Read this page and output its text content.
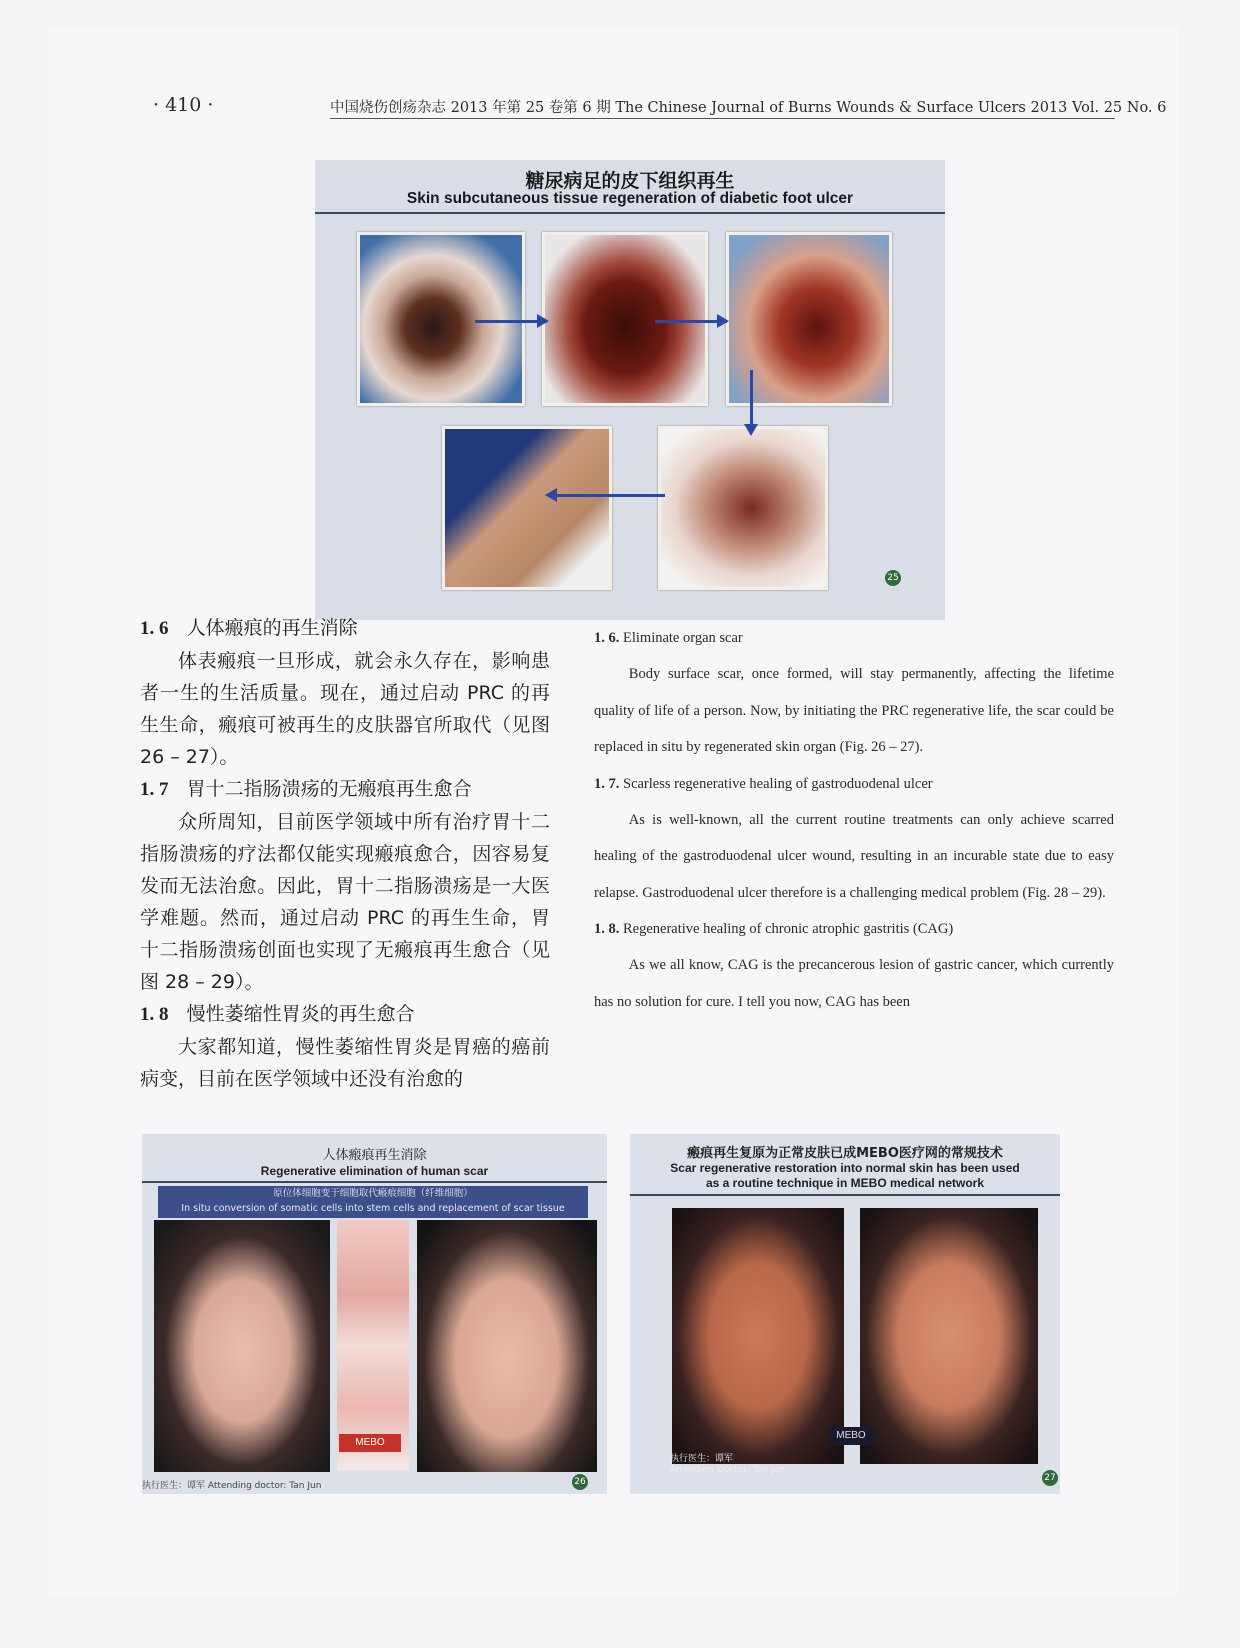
· 410 ·	中国烧伤创疡杂志 2013 年第 25 卷第 6 期 The Chinese Journal of Burns Wounds & Surface Ulcers 2013 Vol. 25 No. 6
糖尿病足的皮下组织再生
Skin subcutaneous tissue regeneration of diabetic foot ulcer
25
1. 6 人体瘢痕的再生消除

体表瘢痕一旦形成，就会永久存在，影响患者一生的生活质量。现在，通过启动 PRC 的再生生命，瘢痕可被再生的皮肤器官所取代（见图 26 – 27）。

1. 7 胃十二指肠溃疡的无瘢痕再生愈合

众所周知，目前医学领域中所有治疗胃十二指肠溃疡的疗法都仅能实现瘢痕愈合，因容易复发而无法治愈。因此，胃十二指肠溃疡是一大医学难题。然而，通过启动 PRC 的再生生命，胃十二指肠溃疡创面也实现了无瘢痕再生愈合（见图 28 – 29）。

1. 8 慢性萎缩性胃炎的再生愈合

大家都知道，慢性萎缩性胃炎是胃癌的癌前病变，目前在医学领域中还没有治愈的

1. 6. Eliminate organ scar

Body surface scar, once formed, will stay permanently, affecting the lifetime quality of life of a person. Now, by initiating the PRC regenerative life, the scar could be replaced in situ by regenerated skin organ (Fig. 26 – 27).

1. 7. Scarless regenerative healing of gastroduodenal ulcer

As is well-known, all the current routine treatments can only achieve scarred healing of the gastroduodenal ulcer wound, resulting in an incurable state due to easy relapse. Gastroduodenal ulcer therefore is a challenging medical problem (Fig. 28 – 29).

1. 8. Regenerative healing of chronic atrophic gastritis (CAG)

As we all know, CAG is the precancerous lesion of gastric cancer, which currently has no solution for cure. I tell you now, CAG has been

人体瘢痕再生消除
Regenerative elimination of human scar
原位体细胞变干细胞取代瘢痕细胞（纤维细胞）
In situ conversion of somatic cells into stem cells and replacement of scar tissue
MEBO
执行医生：谭军 Attending doctor: Tan Jun	26
瘢痕再生复原为正常皮肤已成MEBO医疗网的常规技术
Scar regenerative restoration into normal skin has been used
as a routine technique in MEBO medical network
MEBO
执行医生：谭军
Attending Doctor: Tan Jun
27
